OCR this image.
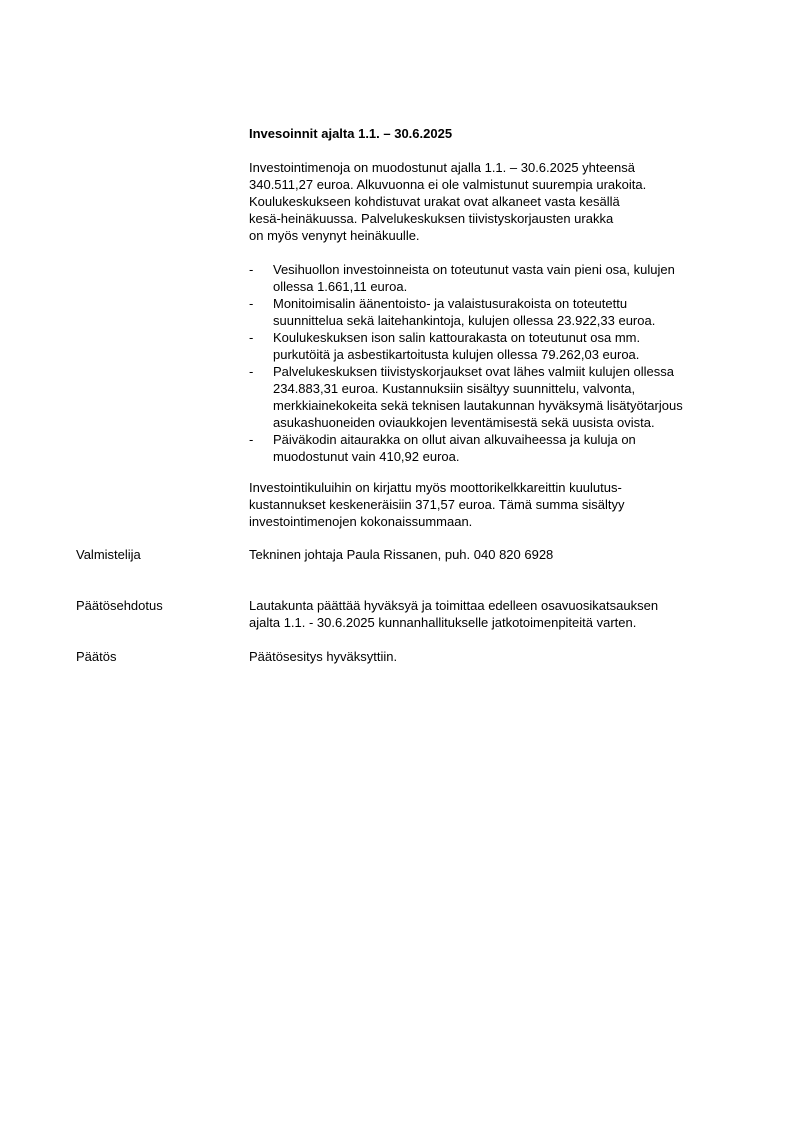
Invesoinnit ajalta 1.1. – 30.6.2025

Investointimenoja on muodostunut ajalla 1.1. – 30.6.2025 yhteensä
340.511,27 euroa. Alkuvuonna ei ole valmistunut suurempia urakoita.
Koulukeskukseen kohdistuvat urakat ovat alkaneet vasta kesällä
kesä-heinäkuussa. Palvelukeskuksen tiivistyskorjausten urakka
on myös venynyt heinäkuulle.

- Vesihuollon investoinneista on toteutunut vasta vain pieni osa, kulujen
ollessa 1.661,11 euroa.
- Monitoimisalin äänentoisto- ja valaistusurakoista on toteutettu
suunnittelua sekä laitehankintoja, kulujen ollessa 23.922,33 euroa.
- Koulukeskuksen ison salin kattourakasta on toteutunut osa mm.
purkutöitä ja asbestikartoitusta kulujen ollessa 79.262,03 euroa.
- Palvelukeskuksen tiivistyskorjaukset ovat lähes valmiit kulujen ollessa
234.883,31 euroa. Kustannuksiin sisältyy suunnittelu, valvonta,
merkkiainekokeita sekä teknisen lautakunnan hyväksymä lisätyötarjous
asukashuoneiden oviaukkojen leventämisestä sekä uusista ovista.
- Päiväkodin aitaurakka on ollut aivan alkuvaiheessa ja kuluja on
muodostunut vain 410,92 euroa.

Investointikuluihin on kirjattu myös moottorikelkkareittin kuulutus-
kustannukset keskeneräisiin 371,57 euroa. Tämä summa sisältyy
investointimenojen kokonaissummaan.

Valmistelija	Tekninen johtaja Paula Rissanen, puh. 040 820 6928
Päätösehdotus	Lautakunta päättää hyväksyä ja toimittaa edelleen osavuosikatsauksen
ajalta 1.1. - 30.6.2025 kunnanhallitukselle jatkotoimenpiteitä varten.
Päätös	Päätösesitys hyväksyttiin.
